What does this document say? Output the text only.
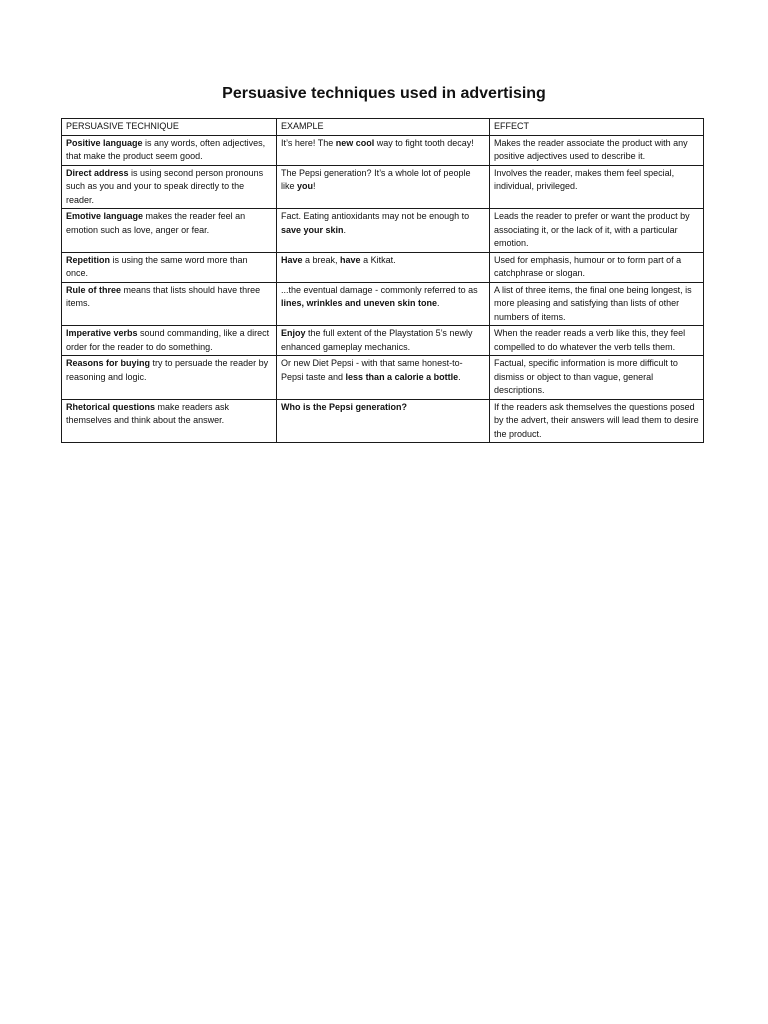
Persuasive techniques used in advertising
PERSUASIVE TECHNIQUE	EXAMPLE	EFFECT
Positive language is any words, often adjectives, that make the product seem good.	It’s here! The new cool way to fight tooth decay!	Makes the reader associate the product with any positive adjectives used to describe it.
Direct address is using second person pronouns such as you and your to speak directly to the reader.	The Pepsi generation? It’s a whole lot of people like you!	Involves the reader, makes them feel special, individual, privileged.
Emotive language makes the reader feel an emotion such as love, anger or fear.	Fact. Eating antioxidants may not be enough to save your skin.	Leads the reader to prefer or want the product by associating it, or the lack of it, with a particular emotion.
Repetition is using the same word more than once.	Have a break, have a Kitkat.	Used for emphasis, humour or to form part of a catchphrase or slogan.
Rule of three means that lists should have three items.	...the eventual damage - commonly referred to as lines, wrinkles and uneven skin tone.	A list of three items, the final one being longest, is more pleasing and satisfying than lists of other numbers of items.
Imperative verbs sound commanding, like a direct order for the reader to do something.	Enjoy the full extent of the Playstation 5’s newly enhanced gameplay mechanics.	When the reader reads a verb like this, they feel compelled to do whatever the verb tells them.
Reasons for buying try to persuade the reader by reasoning and logic.	Or new Diet Pepsi - with that same honest-to-Pepsi taste and less than a calorie a bottle.	Factual, specific information is more difficult to dismiss or object to than vague, general descriptions.
Rhetorical questions make readers ask themselves and think about the answer.	Who is the Pepsi generation?	If the readers ask themselves the questions posed by the advert, their answers will lead them to desire the product.
